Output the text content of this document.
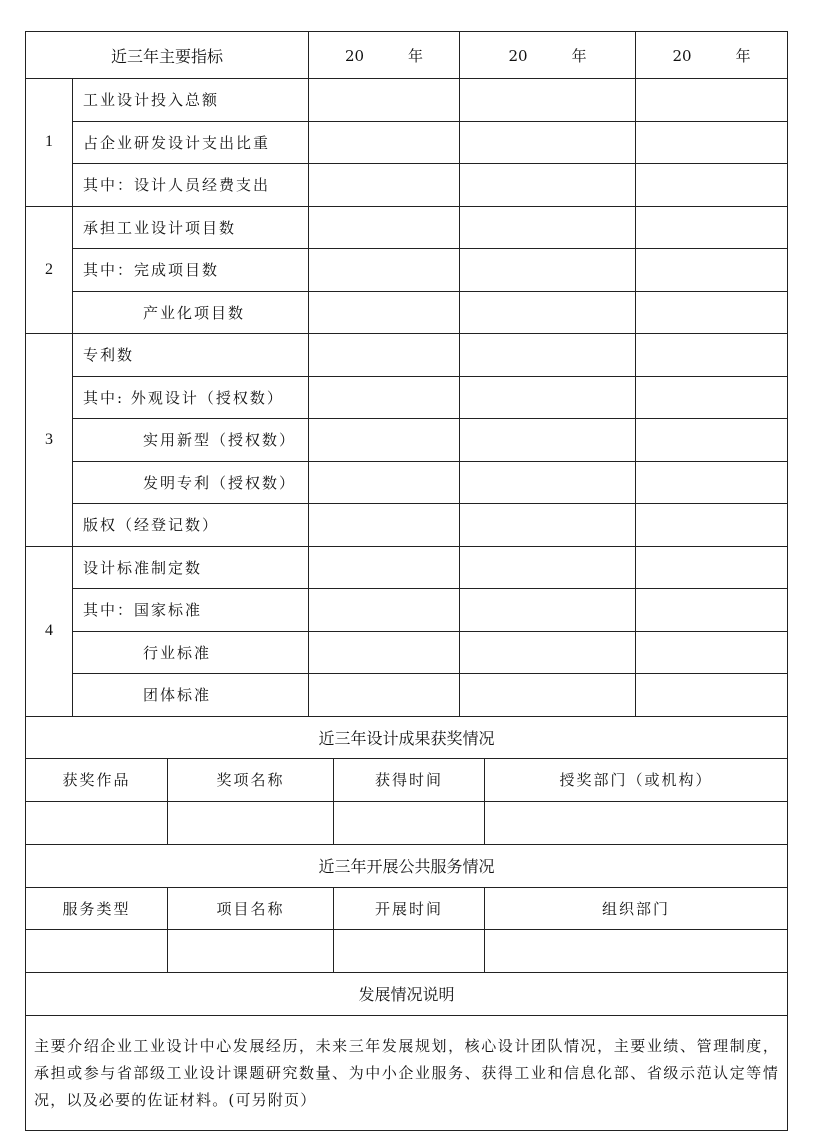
近三年主要指标			20 年		20 年		20 年
1	工业设计投入总额						
	占企业研发设计支出比重						
	其中：设计人员经费支出						
2	承担工业设计项目数						
	其中：完成项目数						
	产业化项目数						
3	专利数						
	其中: 外观设计（授权数）						
	实用新型（授权数）						
	发明专利（授权数）						
	版权（经登记数）						
4	设计标准制定数						
	其中：国家标准						
	行业标准						
	团体标准						
近三年设计成果获奖情况							
获奖作品		奖项名称		获得时间		授奖部门（或机构）	

近三年开展公共服务情况							
服务类型		项目名称		开展时间		组织部门	

发展情况说明							
主要介绍企业工业设计中心发展经历，未来三年发展规划，核心设计团队情况，主要业绩、管理制度，承担或参与省部级工业设计课题研究数量、为中小企业服务、获得工业和信息化部、省级示范认定等情况，以及必要的佐证材料。(可另附页）							
